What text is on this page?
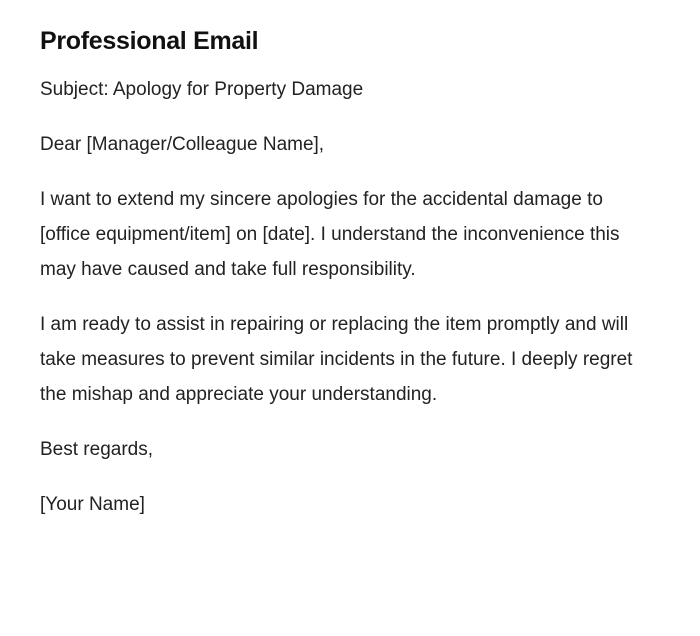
Professional Email

Subject: Apology for Property Damage

Dear [Manager/Colleague Name],

I want to extend my sincere apologies for the accidental damage to [office equipment/item] on [date]. I understand the inconvenience this may have caused and take full responsibility.

I am ready to assist in repairing or replacing the item promptly and will take measures to prevent similar incidents in the future. I deeply regret the mishap and appreciate your understanding.

Best regards,

[Your Name]
